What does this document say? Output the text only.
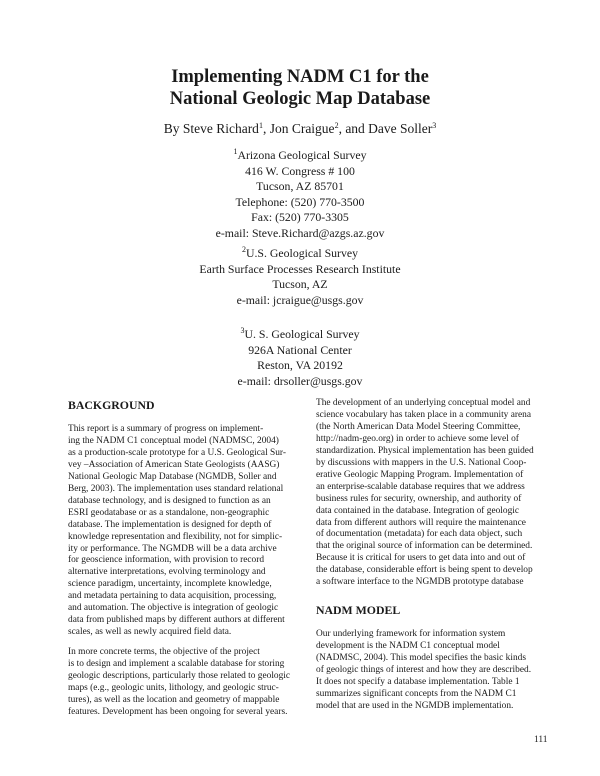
Implementing NADM C1 for the
National Geologic Map Database
By Steve Richard$^1$, Jon Craigue$^2$, and Dave Soller$^3$
$^1$Arizona Geological Survey
416 W. Congress # 100
Tucson, AZ 85701
Telephone: (520) 770-3500
Fax: (520) 770-3305
e-mail: Steve.Richard@azgs.az.gov
$^2$U.S. Geological Survey
Earth Surface Processes Research Institute
Tucson, AZ
e-mail: jcraigue@usgs.gov
$^3$U. S. Geological Survey
926A National Center
Reston, VA 20192
e-mail: drsoller@usgs.gov
BACKGROUND
This report is a summary of progress on implement-
ing the NADM C1 conceptual model (NADMSC, 2004)
as a production-scale prototype for a U.S. Geological Sur-
vey –Association of American State Geologists (AASG)
National Geologic Map Database (NGMDB, Soller and
Berg, 2003). The implementation uses standard relational
database technology, and is designed to function as an
ESRI geodatabase or as a standalone, non-geographic
database. The implementation is designed for depth of
knowledge representation and flexibility, not for simplic-
ity or performance. The NGMDB will be a data archive
for geoscience information, with provision to record
alternative interpretations, evolving terminology and
science paradigm, uncertainty, incomplete knowledge,
and metadata pertaining to data acquisition, processing,
and automation. The objective is integration of geologic
data from published maps by different authors at different
scales, as well as newly acquired field data.
In more concrete terms, the objective of the project
is to design and implement a scalable database for storing
geologic descriptions, particularly those related to geologic
maps (e.g., geologic units, lithology, and geologic struc-
tures), as well as the location and geometry of mappable
features. Development has been ongoing for several years.
The development of an underlying conceptual model and
science vocabulary has taken place in a community arena
(the North American Data Model Steering Committee,
http://nadm-geo.org) in order to achieve some level of
standardization. Physical implementation has been guided
by discussions with mappers in the U.S. National Coop-
erative Geologic Mapping Program. Implementation of
an enterprise-scalable database requires that we address
business rules for security, ownership, and authority of
data contained in the database. Integration of geologic
data from different authors will require the maintenance
of documentation (metadata) for each data object, such
that the original source of information can be determined.
Because it is critical for users to get data into and out of
the database, considerable effort is being spent to develop
a software interface to the NGMDB prototype database
NADM MODEL
Our underlying framework for information system
development is the NADM C1 conceptual model
(NADMSC, 2004). This model specifies the basic kinds
of geologic things of interest and how they are described.
It does not specify a database implementation. Table 1
summarizes significant concepts from the NADM C1
model that are used in the NGMDB implementation.
111
